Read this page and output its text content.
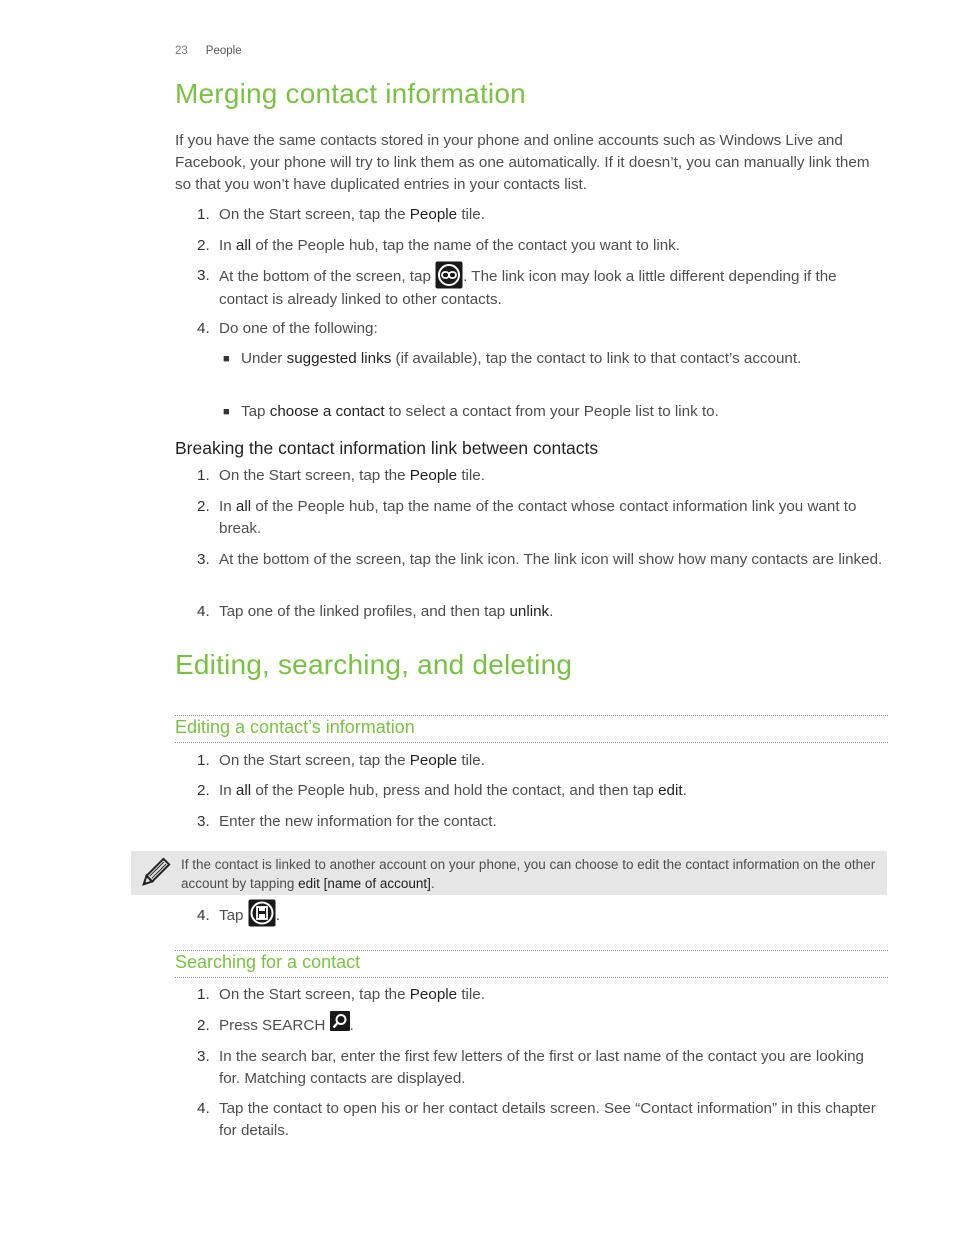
23 People
Merging contact information

If you have the same contacts stored in your phone and online accounts such as Windows Live and Facebook, your phone will try to link them as one automatically. If it doesn’t, you can manually link them so that you won’t have duplicated entries in your contacts list.

1. On the Start screen, tap the People tile.
2. In all of the People hub, tap the name of the contact you want to link.
3. At the bottom of the screen, tap . The link icon may look a little different depending if the contact is already linked to other contacts.
4. Do one of the following:
■ Under suggested links (if available), tap the contact to link to that contact’s account.
■ Tap choose a contact to select a contact from your People list to link to.
Breaking the contact information link between contacts
1. On the Start screen, tap the People tile.
2. In all of the People hub, tap the name of the contact whose contact information link you want to break.
3. At the bottom of the screen, tap the link icon. The link icon will show how many contacts are linked.
4. Tap one of the linked profiles, and then tap unlink.
Editing, searching, and deleting
Editing a contact’s information
1. On the Start screen, tap the People tile.
2. In all of the People hub, press and hold the contact, and then tap edit.
3. Enter the new information for the contact.
4. Tap .
Searching for a contact
1. On the Start screen, tap the People tile.
2. Press SEARCH .
3. In the search bar, enter the first few letters of the first or last name of the contact you are looking for. Matching contacts are displayed.
4. Tap the contact to open his or her contact details screen. See “Contact information” in this chapter for details.
If the contact is linked to another account on your phone, you can choose to edit the contact information on the other account by tapping edit [name of account].
